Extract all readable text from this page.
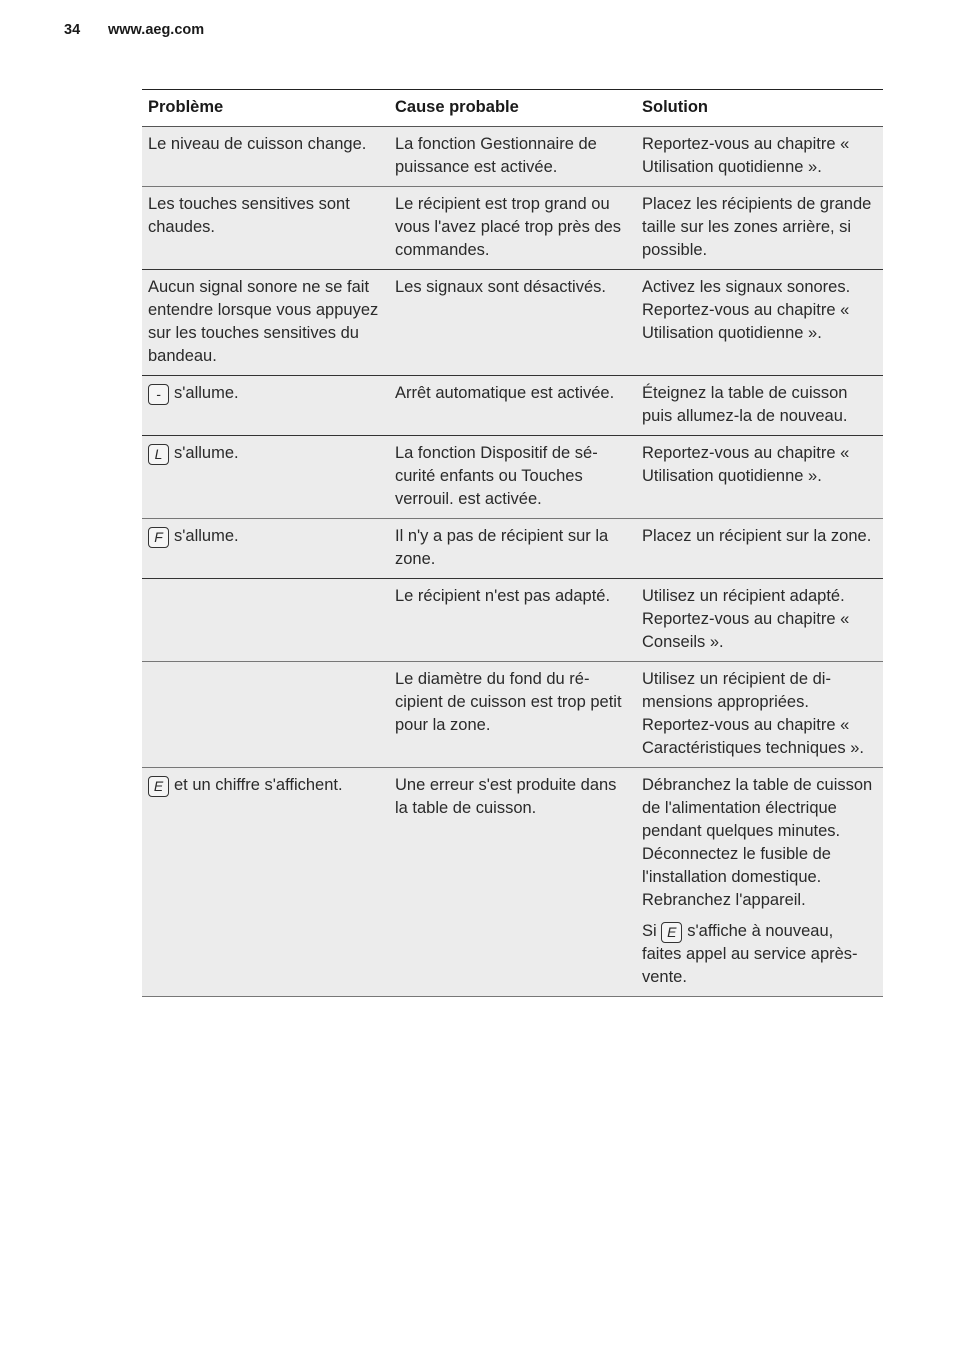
34 www.aeg.com
Problème	Cause probable	Solution
Le niveau de cuisson change.	La fonction Gestionnaire de puissance est activée.	Reportez-vous au chapitre « Utilisation quotidienne ».
Les touches sensitives sont chaudes.	Le récipient est trop grand ou vous l'avez placé trop près des commandes.	Placez les récipients de grande taille sur les zones arrière, si possible.
Aucun signal sonore ne se fait entendre lorsque vous appuyez sur les touches sensitives du bandeau.	Les signaux sont désactivés.	Activez les signaux sonores. Reportez-vous au chapitre « Utilisation quotidienne ».
- s'allume.	Arrêt automatique est activée.	Éteignez la table de cuisson puis allumez-la de nouveau.
L s'allume.	La fonction Dispositif de sécurité enfants ou Touches verrouil. est activée.	Reportez-vous au chapitre « Utilisation quotidienne ».
F s'allume.	Il n'y a pas de récipient sur la zone.	Placez un récipient sur la zone.
	Le récipient n'est pas adapté.	Utilisez un récipient adapté. Reportez-vous au chapitre « Conseils ».
	Le diamètre du fond du récipient de cuisson est trop petit pour la zone.	Utilisez un récipient de dimensions appropriées. Reportez-vous au chapitre « Caractéristiques techniques ».
E et un chiffre s'affichent.	Une erreur s'est produite dans la table de cuisson.	Débranchez la table de cuisson de l'alimentation électrique pendant quelques minutes. Déconnectez le fusible de l'installation domestique. Rebranchez l'appareil.

Si E s'affiche à nouveau, faites appel au service après-vente.
